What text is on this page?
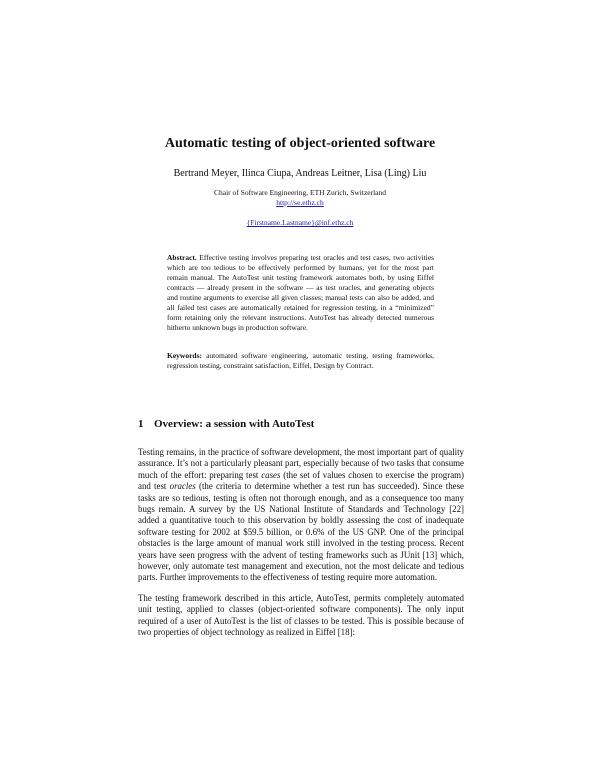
Automatic testing of object-oriented software
Bertrand Meyer, Ilinca Ciupa, Andreas Leitner, Lisa (Ling) Liu
Chair of Software Engineering, ETH Zurich, Switzerland
http://se.ethz.ch
{Firstname.Lastname}@inf.ethz.ch
Abstract. Effective testing involves preparing test oracles and test cases, two activities which are too tedious to be effectively performed by humans, yet for the most part remain manual. The AutoTest unit testing framework automates both, by using Eiffel contracts — already present in the software — as test oracles, and generating objects and routine arguments to exercise all given classes; manual tests can also be added, and all failed test cases are automatically retained for regression testing, in a “minimized” form retaining only the relevant instructions. AutoTest has already detected numerous hitherto unknown bugs in production software.
Keywords: automated software engineering, automatic testing, testing frameworks, regression testing, constraint satisfaction, Eiffel, Design by Contract.
1 Overview: a session with AutoTest

Testing remains, in the practice of software development, the most important part of quality assurance. It’s not a particularly pleasant part, especially because of two tasks that consume much of the effort: preparing test cases (the set of values chosen to exercise the program) and test oracles (the criteria to determine whether a test run has succeeded). Since these tasks are so tedious, testing is often not thorough enough, and as a consequence too many bugs remain. A survey by the US National Institute of Standards and Technology [22] added a quantitative touch to this observation by boldly assessing the cost of inadequate software testing for 2002 at $59.5 billion, or 0.6% of the US GNP. One of the principal obstacles is the large amount of manual work still involved in the testing process. Recent years have seen progress with the advent of testing frameworks such as JUnit [13] which, however, only automate test management and execution, not the most delicate and tedious parts. Further improvements to the effectiveness of testing require more automation.

The testing framework described in this article, AutoTest, permits completely automated unit testing, applied to classes (object-oriented software components). The only input required of a user of AutoTest is the list of classes to be tested. This is possible because of two properties of object technology as realized in Eiffel [18]:
